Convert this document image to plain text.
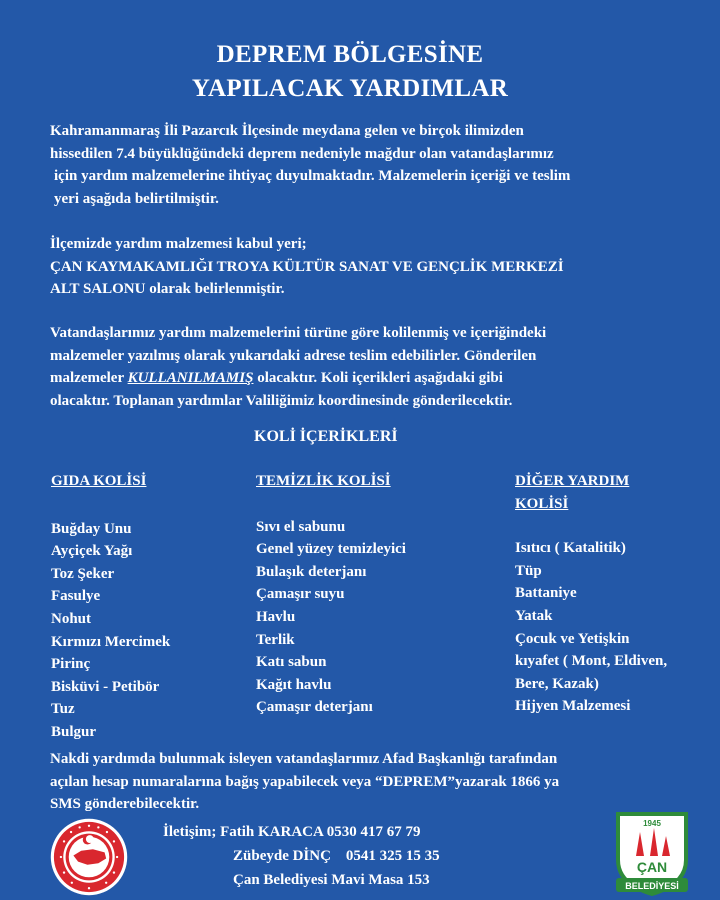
DEPREM BÖLGESİNE
YAPILACAK YARDIMLAR
Kahramanmaraş İli Pazarcık İlçesinde meydana gelen ve birçok ilimizden
hissedilen 7.4 büyüklüğündeki deprem nedeniyle mağdur olan vatandaşlarımız
için yardım malzemelerine ihtiyaç duyulmaktadır. Malzemelerin içeriği ve teslim
yeri aşağıda belirtilmiştir.
İlçemizde yardım malzemesi kabul yeri;
ÇAN KAYMAKAMLIĞI TROYA KÜLTÜR SANAT VE GENÇLİK MERKEZİ
ALT SALONU olarak belirlenmiştir.
Vatandaşlarımız yardım malzemelerini türüne göre kolilenmiş ve içeriğindeki
malzemeler yazılmış olarak yukarıdaki adrese teslim edebilirler. Gönderilen
malzemeler KULLANILMAMIŞ olacaktır. Koli içerikleri aşağıdaki gibi
olacaktır. Toplanan yardımlar Valiliğimiz koordinesinde gönderilecektir.
KOLİ İÇERİKLERİ
GIDA KOLİSİ
Buğday Unu
Ayçiçek Yağı
Toz Şeker
Fasulye
Nohut
Kırmızı Mercimek
Pirinç
Bisküvi - Petibör
Tuz
Bulgur
TEMİZLİK KOLİSİ
Sıvı el sabunu
Genel yüzey temizleyici
Bulaşık deterjanı
Çamaşır suyu
Havlu
Terlik
Katı sabun
Kağıt havlu
Çamaşır deterjanı
DİĞER YARDIM
KOLİSİ
Isıtıcı ( Katalitik)
Tüp
Battaniye
Yatak
Çocuk ve Yetişkin
kıyafet ( Mont, Eldiven,
Bere, Kazak)
Hijyen Malzemesi
Nakdi yardımda bulunmak isleyen vatandaşlarımız Afad Başkanlığı tarafından
açılan hesap numaralarına bağış yapabilecek veya “DEPREM”yazarak 1866 ya
SMS gönderebilecektir.
İletişim; Fatih KARACA 0530 417 67 79
Zübeyde DİNÇ    0541 325 15 35
Çan Belediyesi Mavi Masa 153
1945
ÇAN
BELEDİYESİ
